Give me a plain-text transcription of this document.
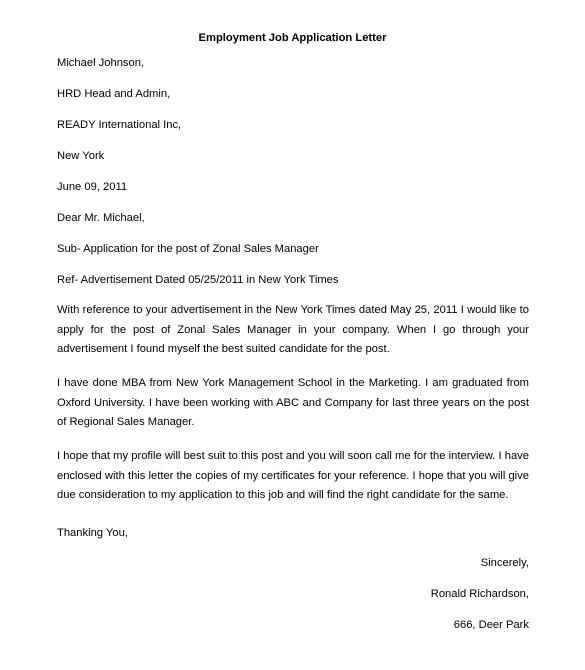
Employment Job Application Letter
Michael Johnson,
HRD Head and Admin,
READY International Inc,
New York
June 09, 2011
Dear Mr. Michael,
Sub- Application for the post of Zonal Sales Manager
Ref- Advertisement Dated 05/25/2011 in New York Times
With reference to your advertisement in the New York Times dated May 25, 2011 I would like to apply for the post of Zonal Sales Manager in your company. When I go through your advertisement I found myself the best suited candidate for the post.
I have done MBA from New York Management School in the Marketing. I am graduated from Oxford University. I have been working with ABC and Company for last three years on the post of Regional Sales Manager.
I hope that my profile will best suit to this post and you will soon call me for the interview. I have enclosed with this letter the copies of my certificates for your reference. I hope that you will give due consideration to my application to this job and will find the right candidate for the same.
Thanking You,
Sincerely,
Ronald Richardson,
666, Deer Park
